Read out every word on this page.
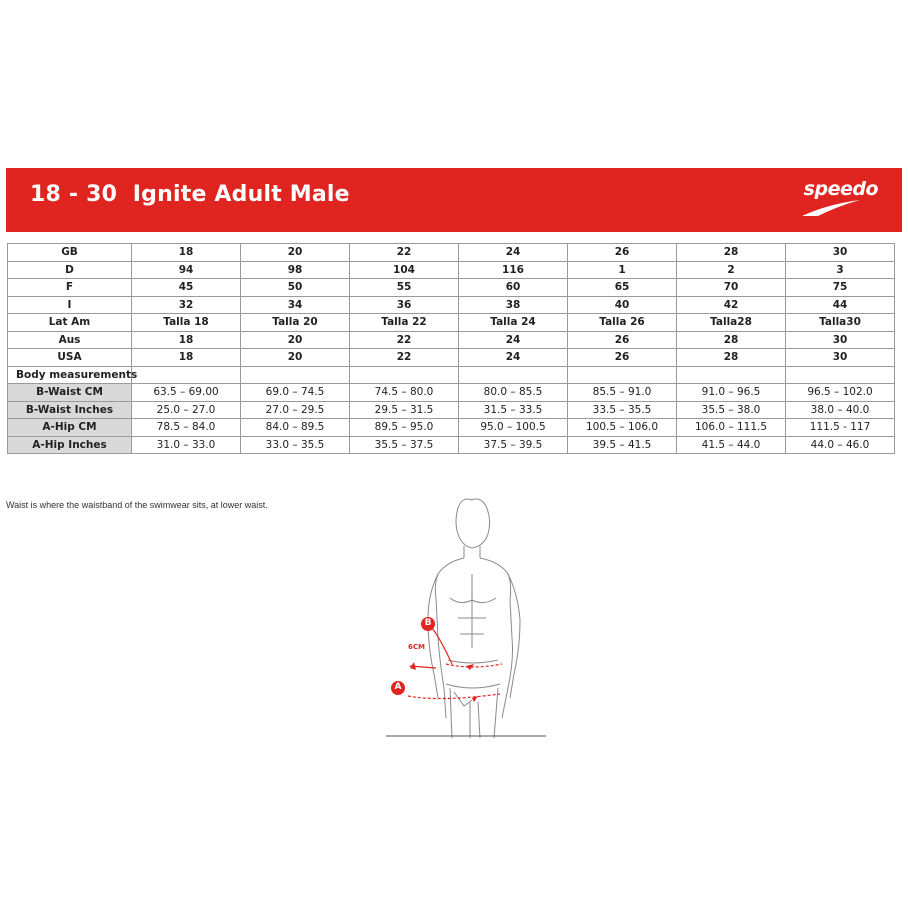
18 - 30  Ignite Adult Male	speedo
GB	18	20	22	24	26	28	30
D	94	98	104	116	1	2	3
F	45	50	55	60	65	70	75
I	32	34	36	38	40	42	44
Lat Am	Talla 18	Talla 20	Talla 22	Talla 24	Talla 26	Talla28	Talla30
Aus	18	20	22	24	26	28	30
USA	18	20	22	24	26	28	30
Body measurements							
B-Waist CM	63.5 – 69.00	69.0 – 74.5	74.5 – 80.0	80.0 – 85.5	85.5 – 91.0	91.0 – 96.5	96.5 – 102.0
B-Waist Inches	25.0 – 27.0	27.0 – 29.5	29.5 – 31.5	31.5 – 33.5	33.5 – 35.5	35.5 – 38.0	38.0 – 40.0
A-Hip CM	78.5 – 84.0	84.0 – 89.5	89.5 – 95.0	95.0 – 100.5	100.5 – 106.0	106.0 – 111.5	111.5 - 117
A-Hip Inches	31.0 – 33.0	33.0 – 35.5	35.5 – 37.5	37.5 – 39.5	39.5 – 41.5	41.5 – 44.0	44.0 – 46.0
Waist is where the waistband of the swimwear sits, at lower waist.
B
A
6CM
